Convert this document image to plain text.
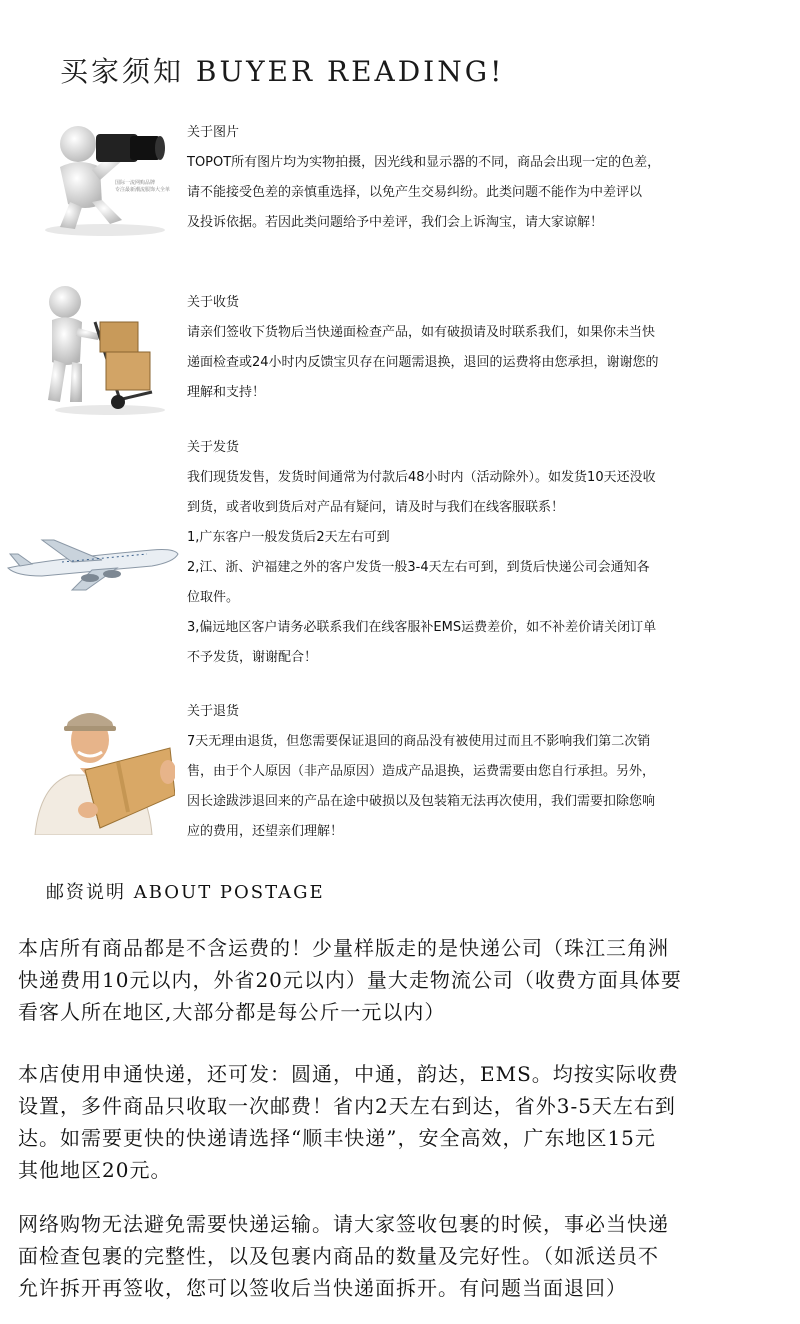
买家须知 BUYER READING!
国际一流网购品牌
专注最新潮流服饰大全单

关于图片

TOPOT所有图片均为实物拍摄，因光线和显示器的不同，商品会出现一定的色差，

请不能接受色差的亲慎重选择，以免产生交易纠纷。此类问题不能作为中差评以

及投诉依据。若因此类问题给予中差评，我们会上诉淘宝，请大家谅解！

关于收货

请亲们签收下货物后当快递面检查产品，如有破损请及时联系我们，如果你未当快

递面检查或24小时内反馈宝贝存在问题需退换，退回的运费将由您承担，谢谢您的

理解和支持！

关于发货

我们现货发售，发货时间通常为付款后48小时内（活动除外）。如发货10天还没收

到货，或者收到货后对产品有疑问，请及时与我们在线客服联系！

1,广东客户一般发货后2天左右可到

2,江、浙、沪福建之外的客户发货一般3-4天左右可到，到货后快递公司会通知各

位取件。

3,偏远地区客户请务必联系我们在线客服补EMS运费差价，如不补差价请关闭订单

不予发货，谢谢配合！

关于退货

7天无理由退货，但您需要保证退回的商品没有被使用过而且不影响我们第二次销

售，由于个人原因（非产品原因）造成产品退换，运费需要由您自行承担。另外，

因长途跋涉退回来的产品在途中破损以及包装箱无法再次使用，我们需要扣除您响

应的费用，还望亲们理解！

邮资说明 ABOUT POSTAGE

本店所有商品都是不含运费的！少量样版走的是快递公司（珠江三角洲

快递费用10元以内，外省20元以内）量大走物流公司（收费方面具体要

看客人所在地区,大部分都是每公斤一元以内）

本店使用申通快递，还可发：圆通，中通，韵达，EMS。均按实际收费

设置，多件商品只收取一次邮费！省内2天左右到达，省外3-5天左右到

达。如需要更快的快递请选择“顺丰快递”，安全高效，广东地区15元

其他地区20元。

网络购物无法避免需要快递运输。请大家签收包裹的时候，事必当快递

面检查包裹的完整性，以及包裹内商品的数量及完好性。（如派送员不

允许拆开再签收，您可以签收后当快递面拆开。有问题当面退回）
